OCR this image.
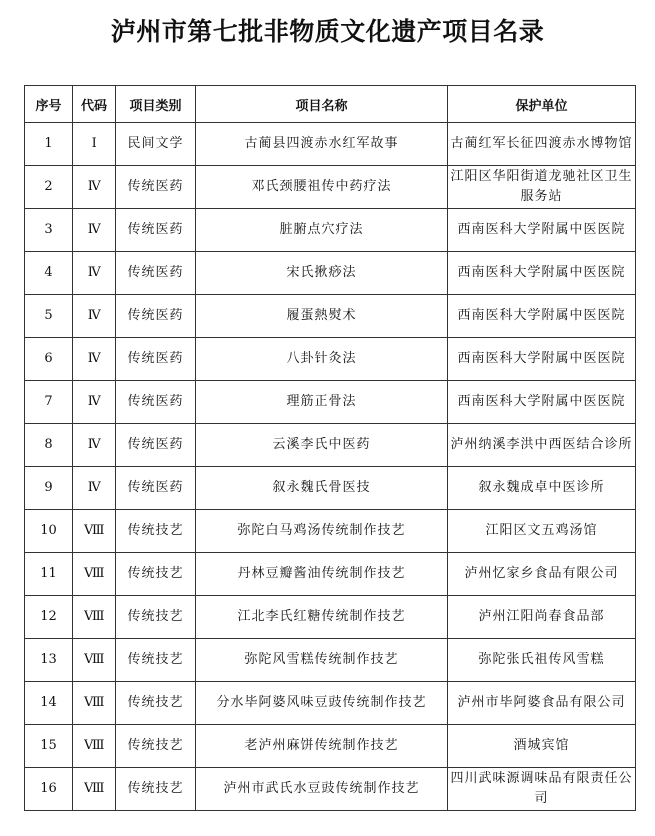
泸州市第七批非物质文化遗产项目名录
序号	代码	项目类别	项目名称	保护单位
1	Ⅰ	民间文学	古蔺县四渡赤水红军故事	古蔺红军长征四渡赤水博物馆
2	Ⅳ	传统医药	邓氏颈腰祖传中药疗法	江阳区华阳街道龙驰社区卫生服务站
3	Ⅳ	传统医药	脏腑点穴疗法	西南医科大学附属中医医院
4	Ⅳ	传统医药	宋氏揪痧法	西南医科大学附属中医医院
5	Ⅳ	传统医药	履蛋熱熨术	西南医科大学附属中医医院
6	Ⅳ	传统医药	八卦针灸法	西南医科大学附属中医医院
7	Ⅳ	传统医药	理筋正骨法	西南医科大学附属中医医院
8	Ⅳ	传统医药	云溪李氏中医药	泸州纳溪李洪中西医结合诊所
9	Ⅳ	传统医药	叙永魏氏骨医技	叙永魏成卓中医诊所
10	Ⅷ	传统技艺	弥陀白马鸡汤传统制作技艺	江阳区文五鸡汤馆
11	Ⅷ	传统技艺	丹林豆瓣酱油传统制作技艺	泸州忆家乡食品有限公司
12	Ⅷ	传统技艺	江北李氏红糖传统制作技艺	泸州江阳尚春食品部
13	Ⅷ	传统技艺	弥陀风雪糕传统制作技艺	弥陀张氏祖传风雪糕
14	Ⅷ	传统技艺	分水毕阿婆风味豆豉传统制作技艺	泸州市毕阿婆食品有限公司
15	Ⅷ	传统技艺	老泸州麻饼传统制作技艺	酒城宾馆
16	Ⅷ	传统技艺	泸州市武氏水豆豉传统制作技艺	四川武味源调味品有限责任公司
